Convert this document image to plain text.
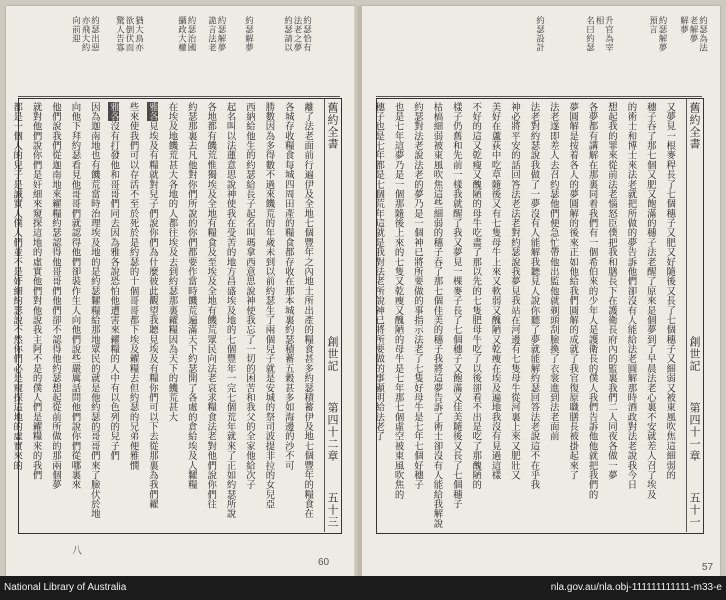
約瑟恰有
法老之夢
約瑟請以
約瑟解夢
約瑟解夢
詭言法老
約瑟治國
攝政大權
猶大鳥亦
欲倒伏而
驚人告寡
約瑟出惡
亦飛大約
向前迎
舊約全書
創世記
第四十二章
五十三
離了法老面前行遍伊及全地七個豐年之內地土所出產的糧食甚多約瑟積蓄伊及地七個豐年的糧食在
各城存收糧食每城四周田產的糧食都存收在那本城裏約瑟積蓄五穀甚多如海邊的沙不可
勝數因為多得數不過來饑荒的年歲未到以前約瑟生了兩個兒子就是安城的祭司波提非拉的女兒亞
西納給他生的約瑟給長子起名叫瑪拿西意思說神使我忘了一切的困苦和我父的全家他給次子
起名叫以法蓮意思說神使我在受苦的地方昌盛埃及地的七個豐年一完七個荒年就來了正如約瑟所說
各地都有饑荒惟獨埃及全地有糧食及至埃及全地有饑荒眾民向法老哀求糧食法老對他們說你們往
約瑟那裏去凡他對你們所說的你們都要作當時饑荒遍滿天下約瑟開了各處的倉給埃及人糶糧
在埃及地饑荒甚大各地的人都往埃及去到約瑟那裏糴糧因為天下的饑荒甚大
雅各見埃及有糧就對兒子們說你們為什麼彼此觀望我聽見埃及有糧你們可以下去從那裏為我們糴
些來使我們可以存活不至於死於是約瑟的十個哥哥都下埃及糴糧去但約瑟的兄弟便雅憫
雅各沒有打發他和哥哥們同去因為雅各說恐怕他遭害來糴糧的人中有以色列的兒子們
因為迦南地也有饑荒當時治理埃及地的是約瑟糶糧給那地眾民的就是他約瑟的哥哥們來了臉伏於地
向他下拜約瑟看見他哥哥們就認得他們卻裝作生人向他們說些嚴厲話問他們說你們從哪裏來
他們說我們從迦南地來糴糧約瑟認得他哥哥們他們卻不認得他約瑟想起從前所做的那兩個夢
就對他們說你們是奸細來窺探這地的虛實他們對他說我主阿不是的僕人們是糴糧來的我們
都是一個人的兒子是誠實人僕人們並不是奸細約瑟說不然你們必是窺探這地的虛實來的
八
60
約瑟為法
老解夢
解夢
約瑟解夢
預言
升官為宰
相
名曰約瑟
約瑟設計
舊約全書
創世記
第四十一章
五十一
又夢見一根麥稈長了七個穗子又肥又好隨後又長了七個穗子又細弱又被東風吹焦這細弱的
穗子吞了那七個又肥又飽滿的穗子法老醒了原來是個夢到了早晨法老心裏不安就差人召了埃及
的術士和博士來法老就把所做的夢告訴他們卻沒有人能給法老圓解那時酒政對法老說我今日
想起我的罪來從前法老惱怒臣僕把我和膳長下在護衛長府內的監裏我們二人同夜各做一夢
各夢都有講解在那裏同着我們有一個希伯來的少年人是護衛長的僕人我們告訴他他就把我們的
夢圓解是按着各人的夢圓解的後來正如他給我們圓解的成就了我官復原職膳長被掛起來了
法老遂即差人去召約瑟他們便急忙帶他出監他就剃頭刮臉換了衣裳進到法老面前
法老對約瑟說我做了一夢沒有人能解我聽見人說你聽了夢就能解約瑟回答法老說這不在乎我
神必將平安的話回答法老法老對約瑟說我夢見我站在河邊有七隻母牛從河裏上來又肥壯又
美好在蘆荻中吃草隨後又有七隻母牛上來又軟弱又醜陋又乾瘦在埃及遍地我沒有見過這樣
不好的這又乾瘦又醜陋的母牛吃盡了那以先的七隻肥母牛吃了以後卻看不出是吃了那醜陋的
樣子仍舊和先前一樣我就醒了我又夢見一棵麥子長了七個穗子又飽滿又佳美隨後又長了七個穗子
枯槁細弱被東風吹焦這些細弱的穗子吞了那七個佳美的穗子我將這夢告訴了術士卻沒有人能給我解說
約瑟對法老說法老的夢乃是一個神已將所要做的事指示法老了七隻好母牛是七年七個好穗子
也是七年這夢乃是一個那隨後上來的七隻又乾瘦又醜陋的母牛是七年那七個虛空被東風吹焦的
穗子也是七年都是七個荒年這就是我對法老所說神已將所要做的事顯明給法老了
57
National Library of Australia	nla.gov.au/nla.obj-111111111111-m33-e
